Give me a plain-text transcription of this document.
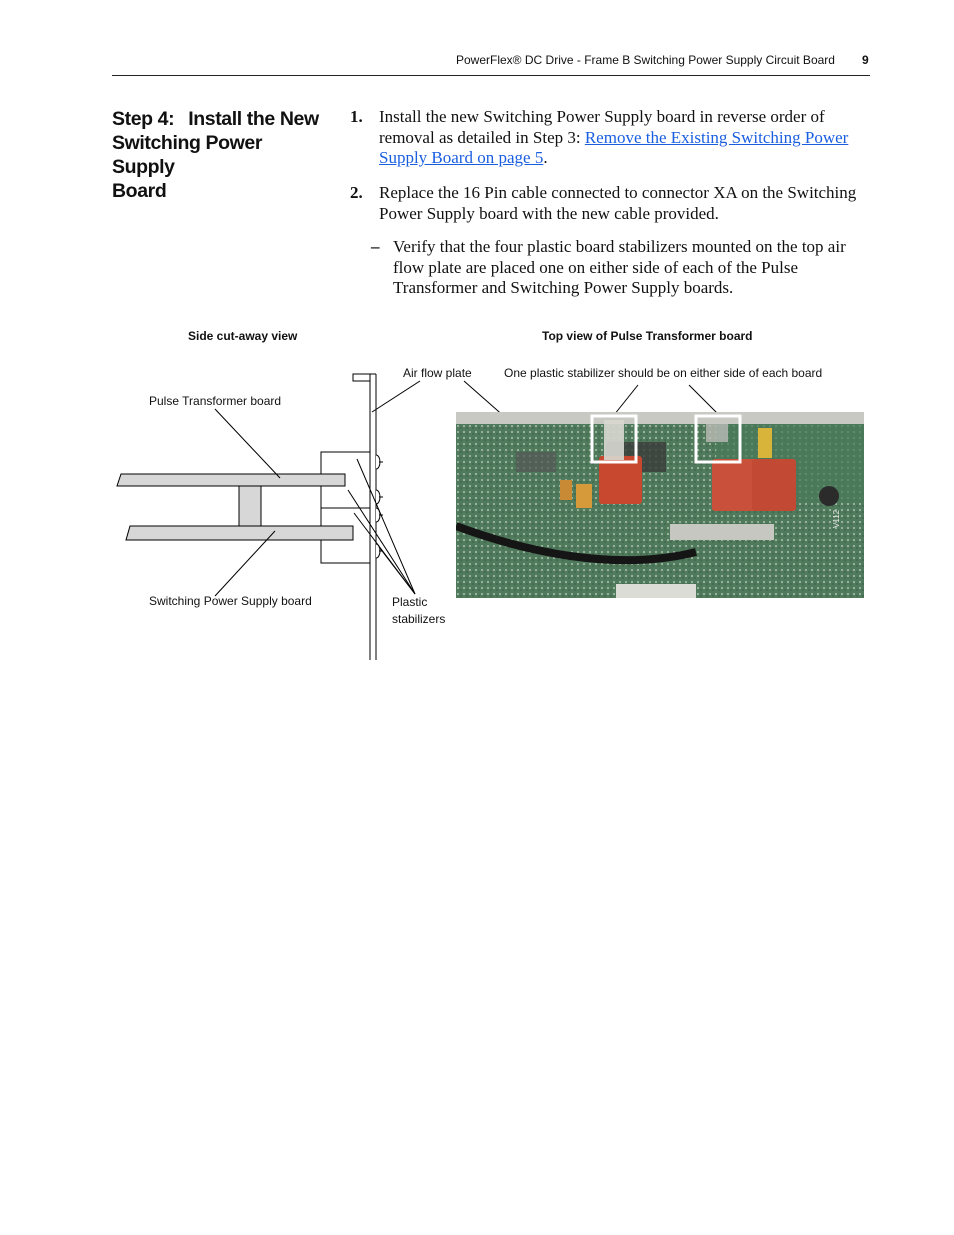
PowerFlex® DC Drive - Frame B Switching Power Supply Circuit Board 9
Step 4: Install the New
Switching Power Supply
Board
1. Install the new Switching Power Supply board in reverse order of removal as detailed in Step 3: Remove the Existing Switching Power Supply Board on page 5.
2. Replace the 16 Pin cable connected to connector XA on the Switching Power Supply board with the new cable provided.
– Verify that the four plastic board stabilizers mounted on the top air flow plate are placed one on either side of each of the Pulse Transformer and Switching Power Supply boards.
Side cut-away view	Top view of Pulse Transformer board
Pulse Transformer board
Switching Power Supply board
Air flow plate
Plastic
stabilizers
One plastic stabilizer should be on either side of each board
V112
